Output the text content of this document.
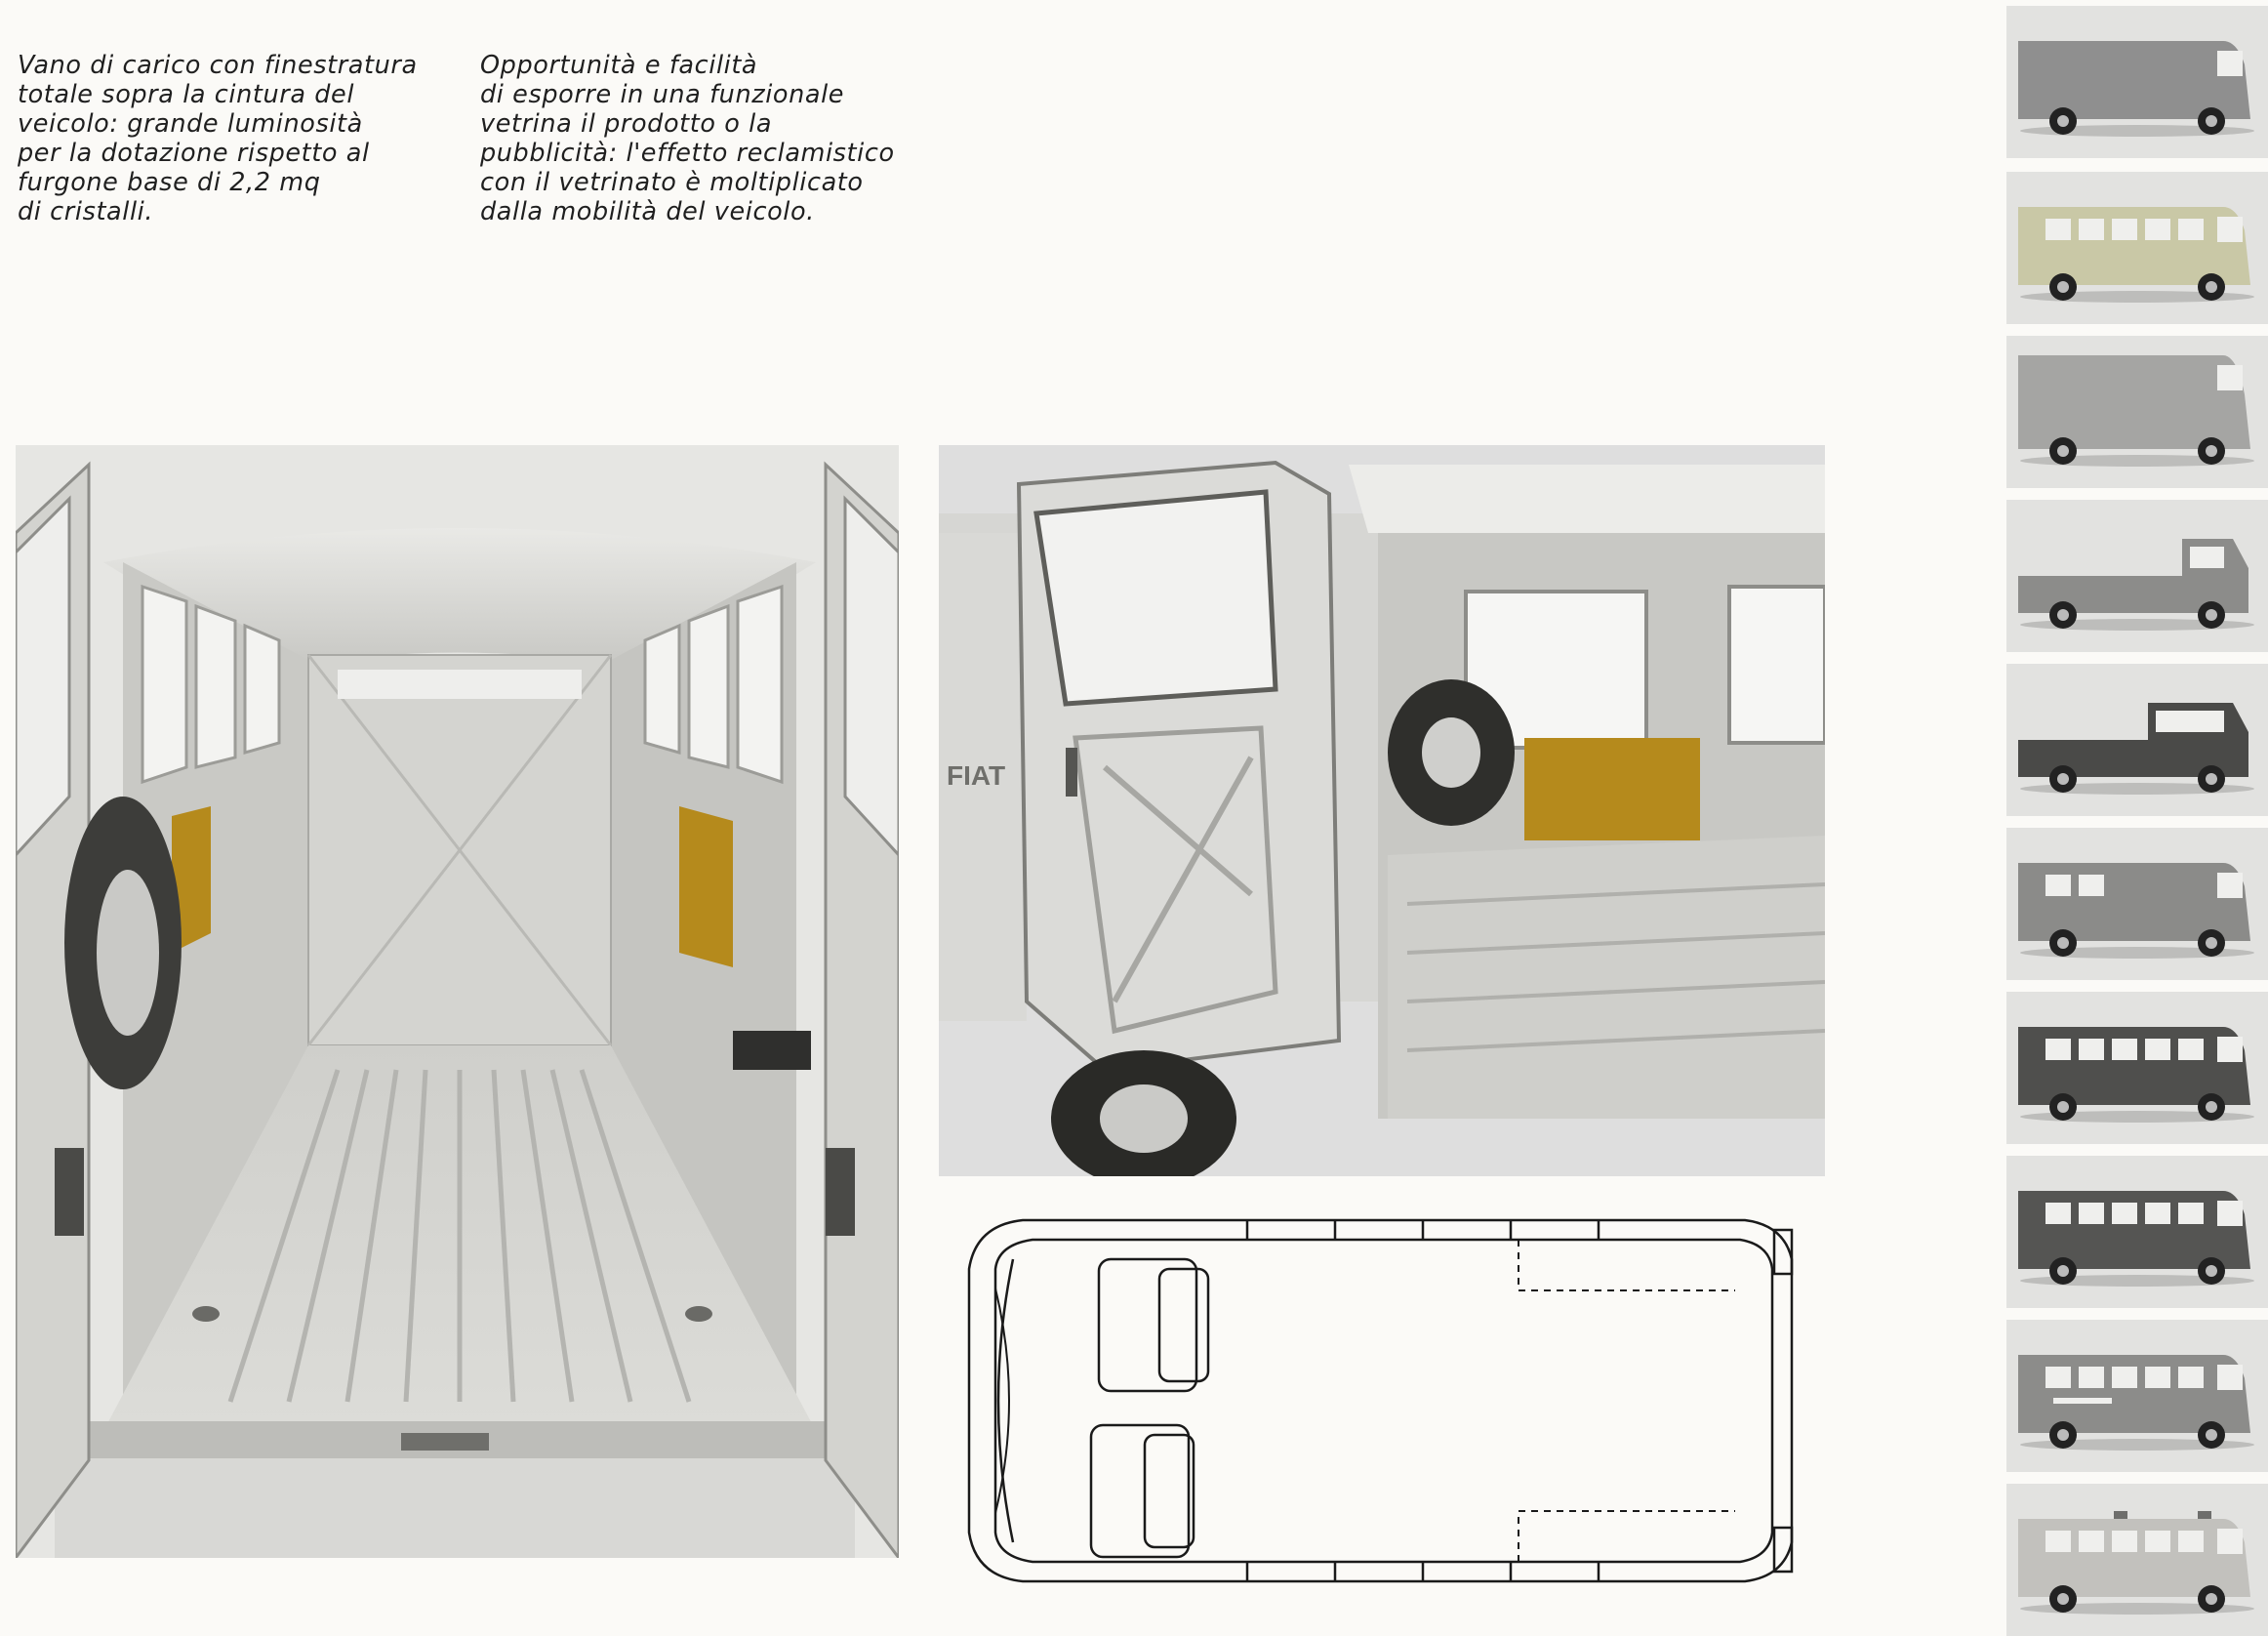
Vano di carico con finestratura
totale sopra la cintura del
veicolo: grande luminosità
per la dotazione rispetto al
furgone base di 2,2 mq
di cristalli.
Opportunità e facilità
di esporre in una funzionale
vetrina il prodotto o la
pubblicità: l'effetto reclamistico
con il vetrinato è moltiplicato
dalla mobilità del veicolo.
FIAT
